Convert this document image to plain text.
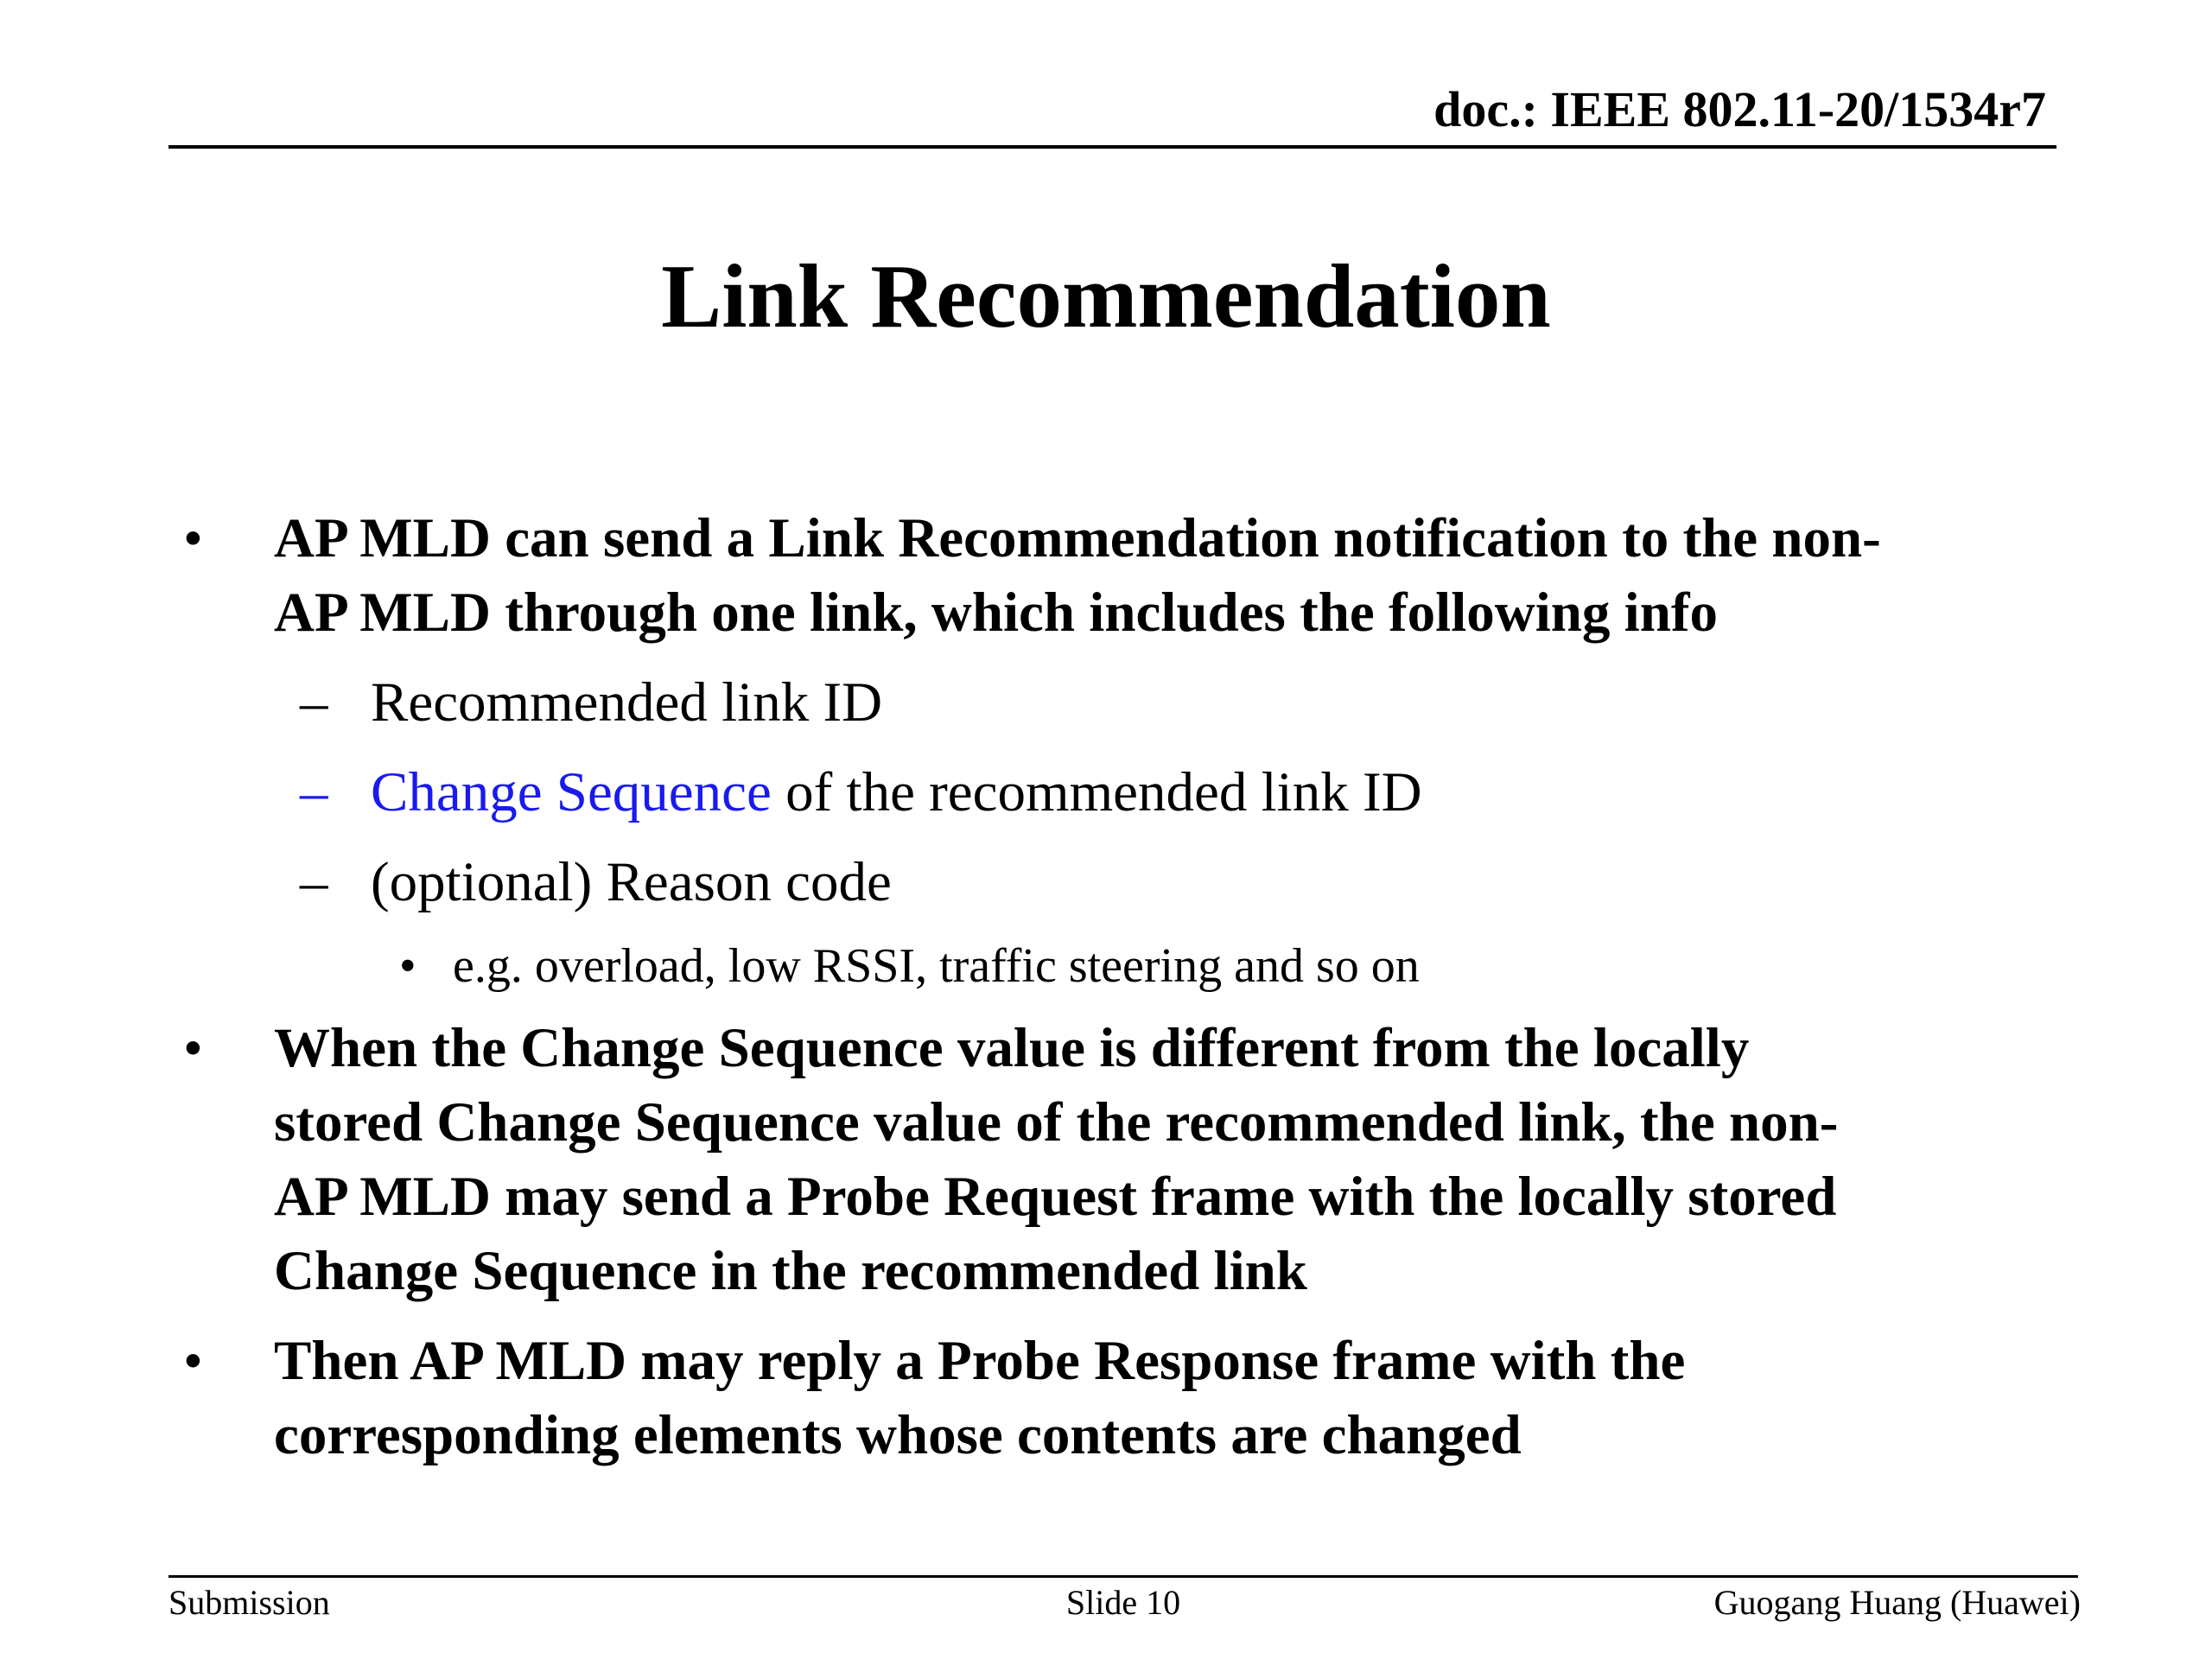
doc.: IEEE 802.11-20/1534r7
Link Recommendation
• AP MLD can send a Link Recommendation notification to the non-
AP MLD through one link, which includes the following info
– Recommended link ID
– Change Sequence of the recommended link ID
– (optional) Reason code
• e.g. overload, low RSSI, traffic steering and so on
• When the Change Sequence value is different from the locally
stored Change Sequence value of the recommended link, the non-
AP MLD may send a Probe Request frame with the locally stored
Change Sequence in the recommended link
• Then AP MLD may reply a Probe Response frame with the
corresponding elements whose contents are changed
Submission	Slide 10	Guogang Huang (Huawei)
